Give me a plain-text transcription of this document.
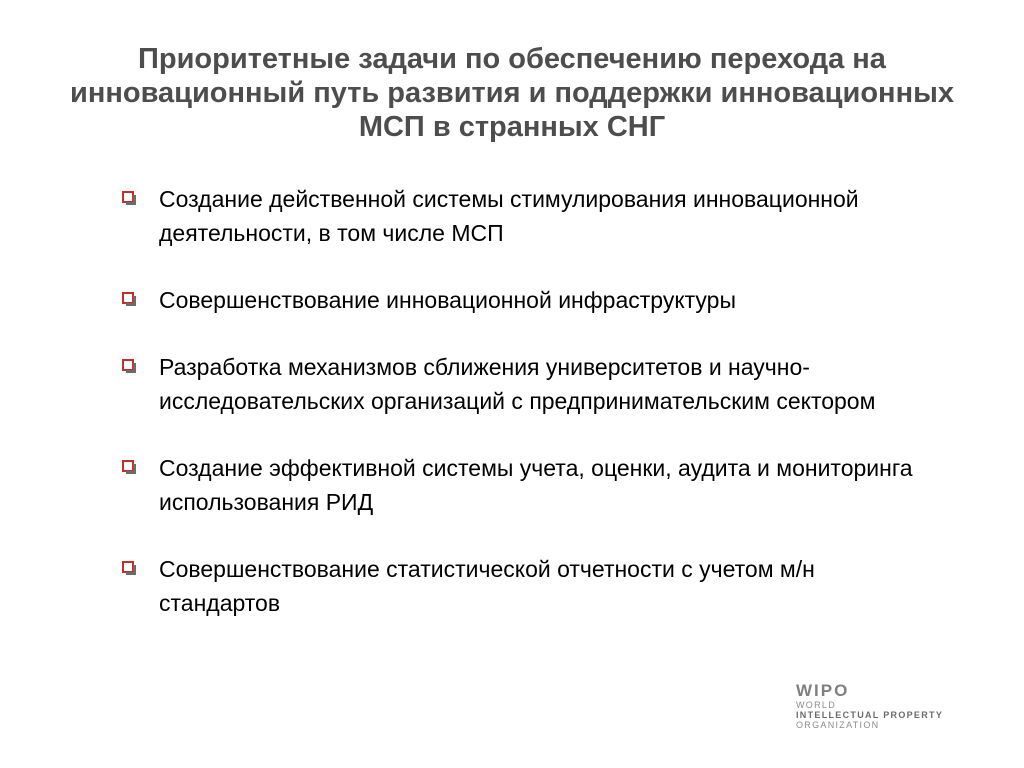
Приоритетные задачи по обеспечению перехода на инновационный путь развития и поддержки инновационных МСП в странных СНГ
Создание действенной системы стимулирования инновационной деятельности, в том числе МСП
Совершенствование инновационной инфраструктуры
Разработка механизмов сближения университетов и научно-исследовательских организаций с предпринимательским сектором
Создание эффективной системы учета, оценки, аудита и мониторинга использования РИД
Совершенствование статистической отчетности с учетом м/н стандартов
WIPO
WORLD
INTELLECTUAL PROPERTY
ORGANIZATION
